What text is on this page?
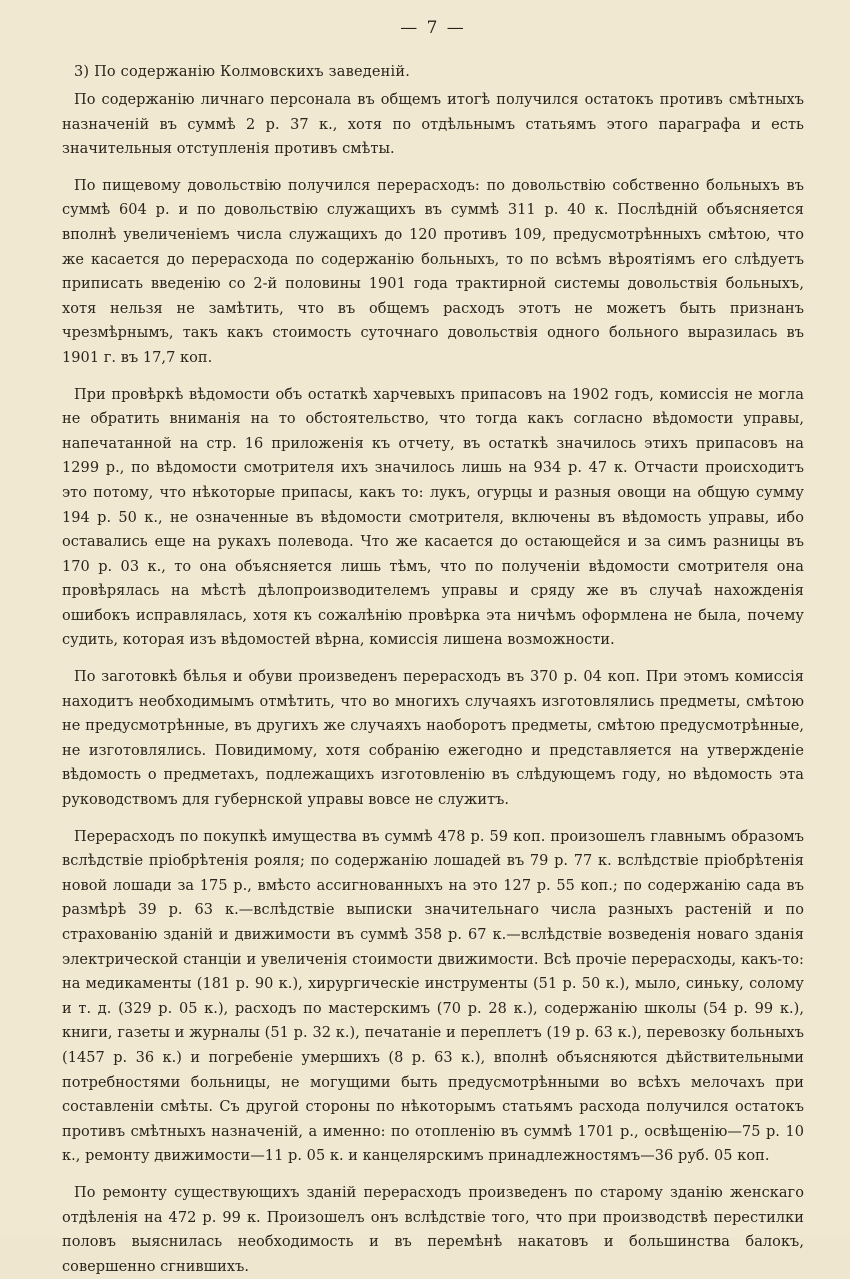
— 7 —
3) По содержанію Колмовскихъ заведеній.

По содержанію личнаго персонала въ общемъ итогѣ получился остатокъ противъ смѣтныхъ назначеній въ суммѣ 2 р. 37 к., хотя по отдѣльнымъ статьямъ этого параграфа и есть значительныя отступленія противъ смѣты.

По пищевому довольствію получился перерасходъ: по довольствію собственно больныхъ въ суммѣ 604 р. и по довольствію служащихъ въ суммѣ 311 р. 40 к. Послѣдній объясняется вполнѣ увеличеніемъ числа служащихъ до 120 противъ 109, предусмотрѣнныхъ смѣтою, что же касается до перерасхода по содержанію больныхъ, то по всѣмъ вѣроятіямъ его слѣдуетъ приписать введенію со 2-й половины 1901 года трактирной системы довольствія больныхъ, хотя нельзя не замѣтить, что въ общемъ расходъ этотъ не можетъ быть признанъ чрезмѣрнымъ, такъ какъ стоимость суточнаго довольствія одного больного выразилась въ 1901 г. въ 17,7 коп.

При провѣркѣ вѣдомости объ остаткѣ харчевыхъ припасовъ на 1902 годъ, комиссія не могла не обратить вниманія на то обстоятельство, что тогда какъ согласно вѣдомости управы, напечатанной на стр. 16 приложенія къ отчету, въ остаткѣ значилось этихъ припасовъ на 1299 р., по вѣдомости смотрителя ихъ значилось лишь на 934 р. 47 к. Отчасти происходитъ это потому, что нѣкоторые припасы, какъ то: лукъ, огурцы и разныя овощи на общую сумму 194 р. 50 к., не означенные въ вѣдомости смотрителя, включены въ вѣдомость управы, ибо оставались еще на рукахъ полевода. Что же касается до остающейся и за симъ разницы въ 170 р. 03 к., то она объясняется лишь тѣмъ, что по полученіи вѣдомости смотрителя она провѣрялась на мѣстѣ дѣлопроизводителемъ управы и сряду же въ случаѣ нахожденія ошибокъ исправлялась, хотя къ сожалѣнію провѣрка эта ничѣмъ оформлена не была, почему судить, которая изъ вѣдомостей вѣрна, комиссія лишена возможности.

По заготовкѣ бѣлья и обуви произведенъ перерасходъ въ 370 р. 04 коп. При этомъ комиссія находитъ необходимымъ отмѣтить, что во многихъ случаяхъ изготовлялись предметы, смѣтою не предусмотрѣнные, въ другихъ же случаяхъ наоборотъ предметы, смѣтою предусмотрѣнные, не изготовлялись. Повидимому, хотя собранію ежегодно и представляется на утвержденіе вѣдомость о предметахъ, подлежащихъ изготовленію въ слѣдующемъ году, но вѣдомость эта руководствомъ для губернской управы вовсе не служитъ.

Перерасходъ по покупкѣ имущества въ суммѣ 478 р. 59 коп. произошелъ главнымъ образомъ вслѣдствіе пріобрѣтенія рояля; по содержанію лошадей въ 79 р. 77 к. вслѣдствіе пріобрѣтенія новой лошади за 175 р., вмѣсто ассигнованныхъ на это 127 р. 55 коп.; по содержанію сада въ размѣрѣ 39 р. 63 к.—вслѣдствіе выписки значительнаго числа разныхъ растеній и по страхованію зданій и движимости въ суммѣ 358 р. 67 к.—вслѣдствіе возведенія новаго зданія электрической станціи и увеличенія стоимости движимости. Всѣ прочіе перерасходы, какъ-то: на медикаменты (181 р. 90 к.), хирургическіе инструменты (51 р. 50 к.), мыло, синьку, солому и т. д. (329 р. 05 к.), расходъ по мастерскимъ (70 р. 28 к.), содержанію школы (54 р. 99 к.), книги, газеты и журналы (51 р. 32 к.), печатаніе и переплетъ (19 р. 63 к.), перевозку больныхъ (1457 р. 36 к.) и погребеніе умершихъ (8 р. 63 к.), вполнѣ объясняются дѣйствительными потребностями больницы, не могущими быть предусмотрѣнными во всѣхъ мелочахъ при составленіи смѣты. Съ другой стороны по нѣкоторымъ статьямъ расхода получился остатокъ противъ смѣтныхъ назначеній, а именно: по отопленію въ суммѣ 1701 р., освѣщенію—75 р. 10 к., ремонту движимости—11 р. 05 к. и канцелярскимъ принадлежностямъ—36 руб. 05 коп.

По ремонту существующихъ зданій перерасходъ произведенъ по старому зданію женскаго отдѣленія на 472 р. 99 к. Произошелъ онъ вслѣдствіе того, что при производствѣ перестилки половъ выяснилась необходимость и въ перемѣнѣ накатовъ и большинства балокъ, совершенно сгнившихъ.
